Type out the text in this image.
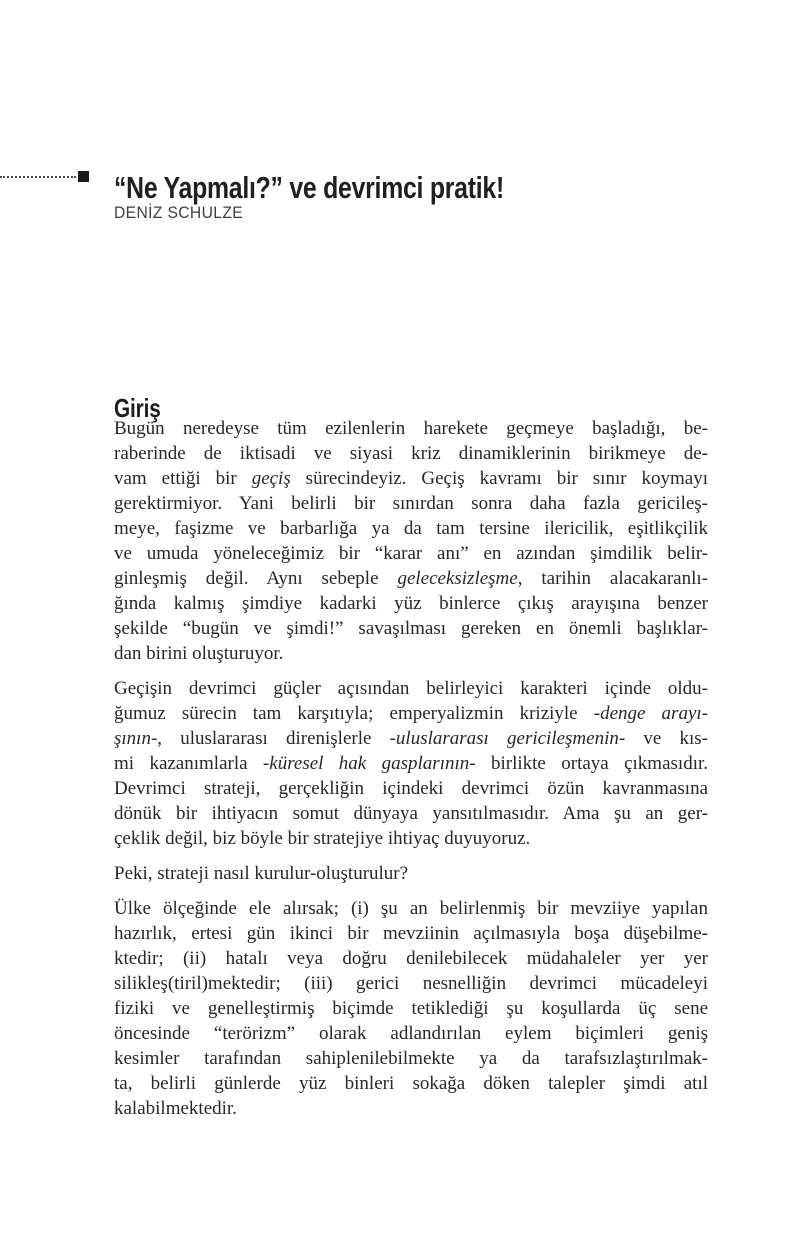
“Ne Yapmalı?” ve devrimci pratik!
DENİZ SCHULZE
Giriş
Bugün neredeyse tüm ezilenlerin harekete geçmeye başladığı, be-
raberinde de iktisadi ve siyasi kriz dinamiklerinin birikmeye de-
vam ettiği bir geçiş sürecindeyiz. Geçiş kavramı bir sınır koymayı
gerektirmiyor. Yani belirli bir sınırdan sonra daha fazla gericileş-
meye, faşizme ve barbarlığa ya da tam tersine ilericilik, eşitlikçilik
ve umuda yöneleceğimiz bir “karar anı” en azından şimdilik belir-
ginleşmiş değil. Aynı sebeple geleceksizleşme, tarihin alacakaranlı-
ğında kalmış şimdiye kadarki yüz binlerce çıkış arayışına benzer
şekilde “bugün ve şimdi!” savaşılması gereken en önemli başlıklar-
dan birini oluşturuyor.
Geçişin devrimci güçler açısından belirleyici karakteri içinde oldu-
ğumuz sürecin tam karşıtıyla; emperyalizmin kriziyle -denge arayı-
şının-, uluslararası direnişlerle -uluslararası gericileşmenin- ve kıs-
mi kazanımlarla -küresel hak gasplarının- birlikte ortaya çıkmasıdır.
Devrimci strateji, gerçekliğin içindeki devrimci özün kavranmasına
dönük bir ihtiyacın somut dünyaya yansıtılmasıdır. Ama şu an ger-
çeklik değil, biz böyle bir stratejiye ihtiyaç duyuyoruz.
Peki, strateji nasıl kurulur-oluşturulur?
Ülke ölçeğinde ele alırsak; (i) şu an belirlenmiş bir mevziiye yapılan
hazırlık, ertesi gün ikinci bir mevziinin açılmasıyla boşa düşebilme-
ktedir; (ii) hatalı veya doğru denilebilecek müdahaleler yer yer
silikleş(tiril)mektedir; (iii) gerici nesnelliğin devrimci mücadeleyi
fiziki ve genelleştirmiş biçimde tetiklediği şu koşullarda üç sene
öncesinde “terörizm” olarak adlandırılan eylem biçimleri geniş
kesimler tarafından sahiplenilebilmekte ya da tarafsızlaştırılmak-
ta, belirli günlerde yüz binleri sokağa döken talepler şimdi atıl
kalabilmektedir.
